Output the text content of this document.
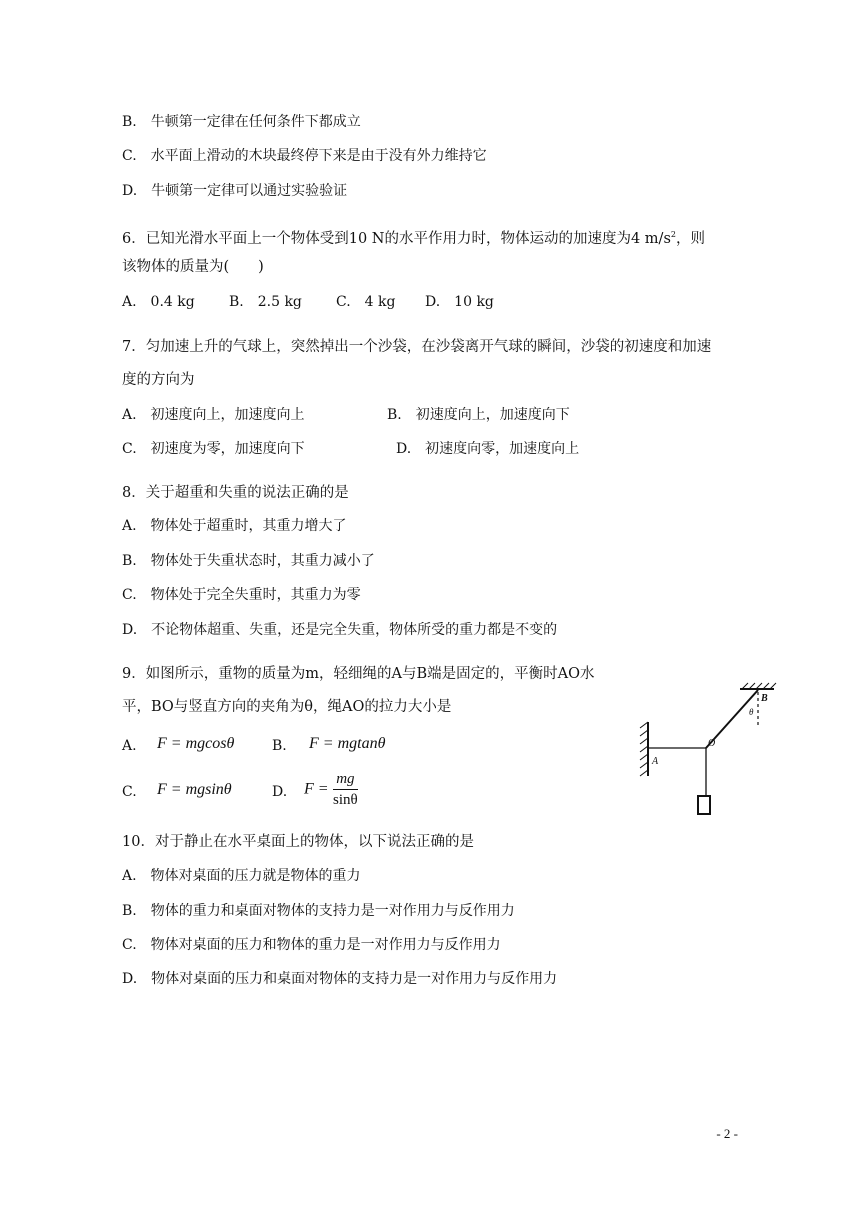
B.　牛顿第一定律在任何条件下都成立
C.　水平面上滑动的木块最终停下来是由于没有外力维持它
D.　牛顿第一定律可以通过实验验证
6．已知光滑水平面上一个物体受到10 N的水平作用力时，物体运动的加速度为4 $m/s^2$，则
该物体的质量为(　　)
A.　0.4 kg B.　2.5 kg C.　4 kg D.　10 kg
7．匀加速上升的气球上，突然掉出一个沙袋，在沙袋离开气球的瞬间，沙袋的初速度和加速
度的方向为
A.　初速度向上，加速度向上	B.　初速度向上，加速度向下
C.　初速度为零，加速度向下	D.　初速度向零，加速度向上
8．关于超重和失重的说法正确的是
A.　物体处于超重时，其重力增大了
B.　物体处于失重状态时，其重力减小了
C.　物体处于完全失重时，其重力为零
D.　不论物体超重、失重，还是完全失重，物体所受的重力都是不变的
9．如图所示，重物的质量为m，轻细绳的A与B端是固定的，平衡时AO水
平，BO与竖直方向的夹角为θ，绳AO的拉力大小是
A. F = mgcosθ	B. F = mgtanθ
C. F = mgsinθ	D. $F = \frac{mg}{\sin\theta}$
A
O
B
θ
10．对于静止在水平桌面上的物体，以下说法正确的是
A.　物体对桌面的压力就是物体的重力
B.　物体的重力和桌面对物体的支持力是一对作用力与反作用力
C.　物体对桌面的压力和物体的重力是一对作用力与反作用力
D.　物体对桌面的压力和桌面对物体的支持力是一对作用力与反作用力
- 2 -
